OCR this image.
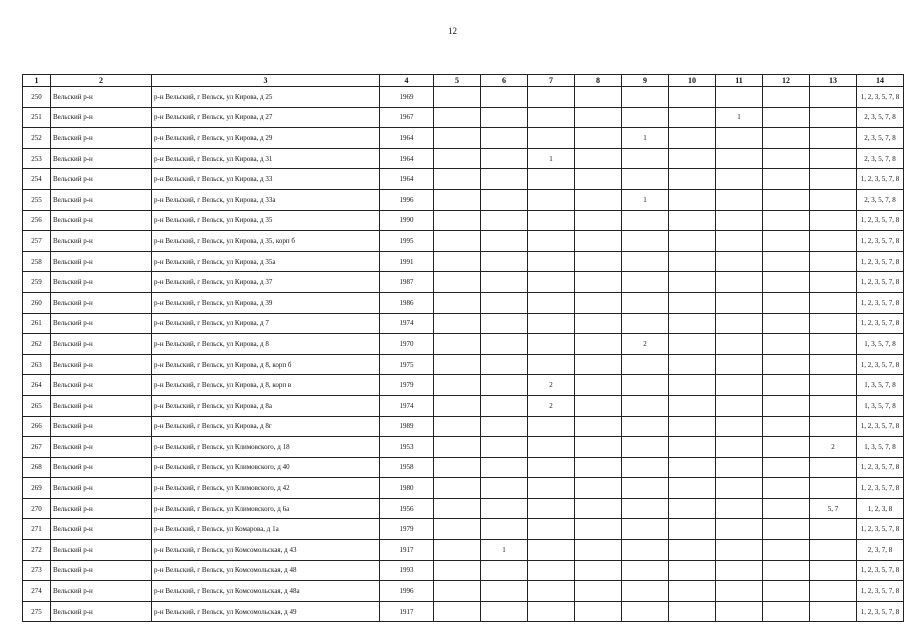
12
1	2	3	4	5	6	7	8	9	10	11	12	13	14
250	Вельский р-н	р-н Вельский, г Вельск, ул Кирова, д 25	1969										1, 2, 3, 5, 7, 8
251	Вельский р-н	р-н Вельский, г Вельск, ул Кирова, д 27	1967							1			2, 3, 5, 7, 8
252	Вельский р-н	р-н Вельский, г Вельск, ул Кирова, д 29	1964					1					2, 3, 5, 7, 8
253	Вельский р-н	р-н Вельский, г Вельск, ул Кирова, д 31	1964			1							2, 3, 5, 7, 8
254	Вельский р-н	р-н Вельский, г Вельск, ул Кирова, д 33	1964										1, 2, 3, 5, 7, 8
255	Вельский р-н	р-н Вельский, г Вельск, ул Кирова, д 33а	1996					1					2, 3, 5, 7, 8
256	Вельский р-н	р-н Вельский, г Вельск, ул Кирова, д 35	1990										1, 2, 3, 5, 7, 8
257	Вельский р-н	р-н Вельский, г Вельск, ул Кирова, д 35, корп б	1995										1, 2, 3, 5, 7, 8
258	Вельский р-н	р-н Вельский, г Вельск, ул Кирова, д 35а	1991										1, 2, 3, 5, 7, 8
259	Вельский р-н	р-н Вельский, г Вельск, ул Кирова, д 37	1987										1, 2, 3, 5, 7, 8
260	Вельский р-н	р-н Вельский, г Вельск, ул Кирова, д 39	1986										1, 2, 3, 5, 7, 8
261	Вельский р-н	р-н Вельский, г Вельск, ул Кирова, д 7	1974										1, 2, 3, 5, 7, 8
262	Вельский р-н	р-н Вельский, г Вельск, ул Кирова, д 8	1970					2					1, 3, 5, 7, 8
263	Вельский р-н	р-н Вельский, г Вельск, ул Кирова, д 8, корп б	1975										1, 2, 3, 5, 7, 8
264	Вельский р-н	р-н Вельский, г Вельск, ул Кирова, д 8, корп в	1979			2							1, 3, 5, 7, 8
265	Вельский р-н	р-н Вельский, г Вельск, ул Кирова, д 8а	1974			2							1, 3, 5, 7, 8
266	Вельский р-н	р-н Вельский, г Вельск, ул Кирова, д 8г	1989										1, 2, 3, 5, 7, 8
267	Вельский р-н	р-н Вельский, г Вельск, ул Климовского, д 18	1953									2	1, 3, 5, 7, 8
268	Вельский р-н	р-н Вельский, г Вельск, ул Климовского, д 40	1958										1, 2, 3, 5, 7, 8
269	Вельский р-н	р-н Вельский, г Вельск, ул Климовского, д 42	1980										1, 2, 3, 5, 7, 8
270	Вельский р-н	р-н Вельский, г Вельск, ул Климовского, д 6а	1956									5, 7	1, 2, 3, 8
271	Вельский р-н	р-н Вельский, г Вельск, ул Комарова, д 1а	1979										1, 2, 3, 5, 7, 8
272	Вельский р-н	р-н Вельский, г Вельск, ул Комсомольская, д 43	1917		1								2, 3, 7, 8
273	Вельский р-н	р-н Вельский, г Вельск, ул Комсомольская, д 48	1993										1, 2, 3, 5, 7, 8
274	Вельский р-н	р-н Вельский, г Вельск, ул Комсомольская, д 48а	1996										1, 2, 3, 5, 7, 8
275	Вельский р-н	р-н Вельский, г Вельск, ул Комсомольская, д 49	1917										1, 2, 3, 5, 7, 8
